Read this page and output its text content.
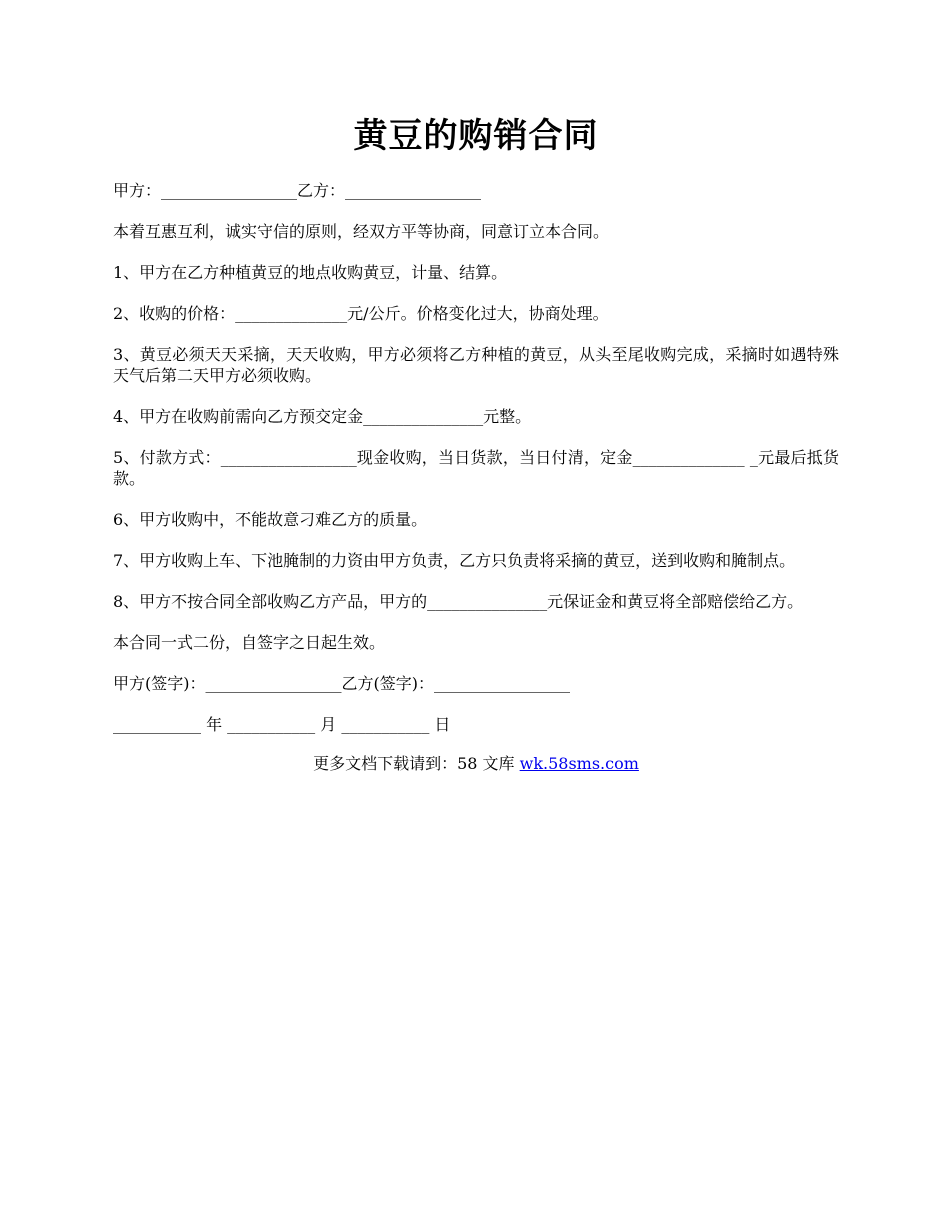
黄豆的购销合同

甲方：_________________乙方：_________________

本着互惠互利，诚实守信的原则，经双方平等协商，同意订立本合同。

1、甲方在乙方种植黄豆的地点收购黄豆，计量、结算。

2、收购的价格：______________元/公斤。价格变化过大，协商处理。

3、黄豆必须天天采摘，天天收购，甲方必须将乙方种植的黄豆，从头至尾收购完成，采摘时如遇特殊天气后第二天甲方必须收购。

4、甲方在收购前需向乙方预交定金_______________元整。

5、付款方式：_________________现金收购，当日货款，当日付清，定金______________ _元最后抵货款。

6、甲方收购中，不能故意刁难乙方的质量。

7、甲方收购上车、下池腌制的力资由甲方负责，乙方只负责将采摘的黄豆，送到收购和腌制点。

8、甲方不按合同全部收购乙方产品，甲方的_______________元保证金和黄豆将全部赔偿给乙方。

本合同一式二份，自签字之日起生效。

甲方(签字)：_________________乙方(签字)：_________________

___________ 年 ___________ 月 ___________ 日

更多文档下载请到：58 文库 wk.58sms.com
